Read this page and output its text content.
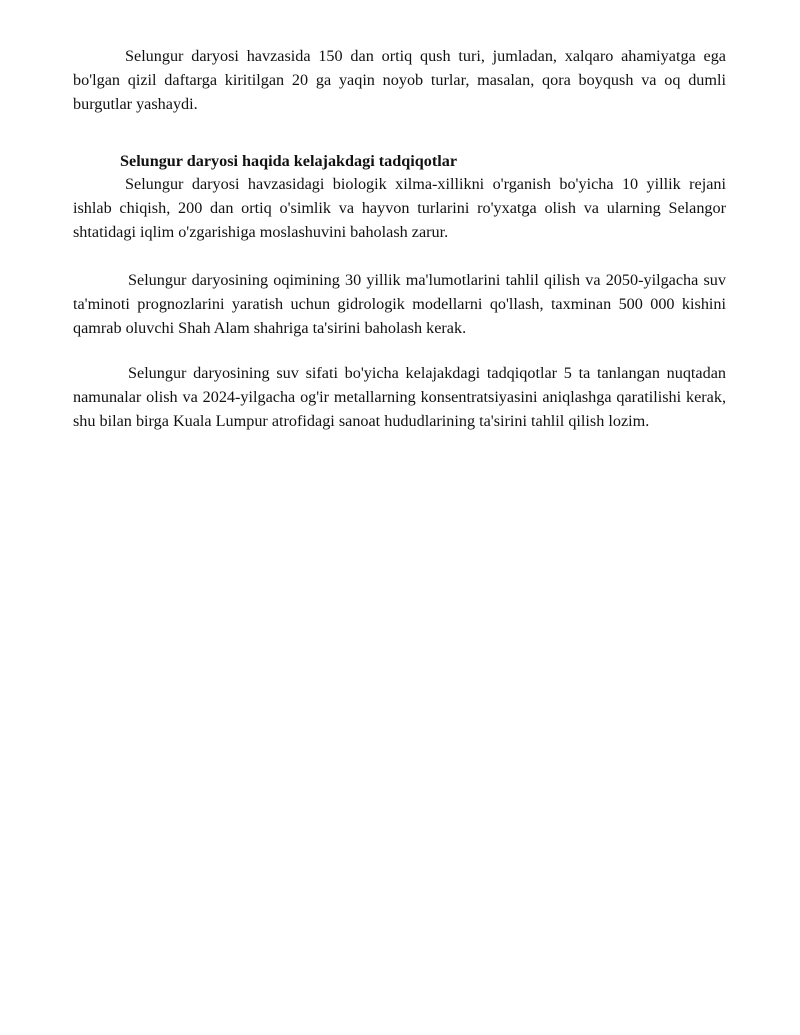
Selungur daryosi havzasida 150 dan ortiq qush turi, jumladan, xalqaro ahamiyatga ega bo'lgan qizil daftarga kiritilgan 20 ga yaqin noyob turlar, masalan, qora boyqush va oq dumli burgutlar yashaydi.

Selungur daryosi haqida kelajakdagi tadqiqotlar

Selungur daryosi havzasidagi biologik xilma-xillikni o'rganish bo'yicha 10 yillik rejani ishlab chiqish, 200 dan ortiq o'simlik va hayvon turlarini ro'yxatga olish va ularning Selangor shtatidagi iqlim o'zgarishiga moslashuvini baholash zarur.

Selungur daryosining oqimining 30 yillik ma'lumotlarini tahlil qilish va 2050-yilgacha suv ta'minoti prognozlarini yaratish uchun gidrologik modellarni qo'llash, taxminan 500 000 kishini qamrab oluvchi Shah Alam shahriga ta'sirini baholash kerak.

Selungur daryosining suv sifati bo'yicha kelajakdagi tadqiqotlar 5 ta tanlangan nuqtadan namunalar olish va 2024-yilgacha og'ir metallarning konsentratsiyasini aniqlashga qaratilishi kerak, shu bilan birga Kuala Lumpur atrofidagi sanoat hududlarining ta'sirini tahlil qilish lozim.
